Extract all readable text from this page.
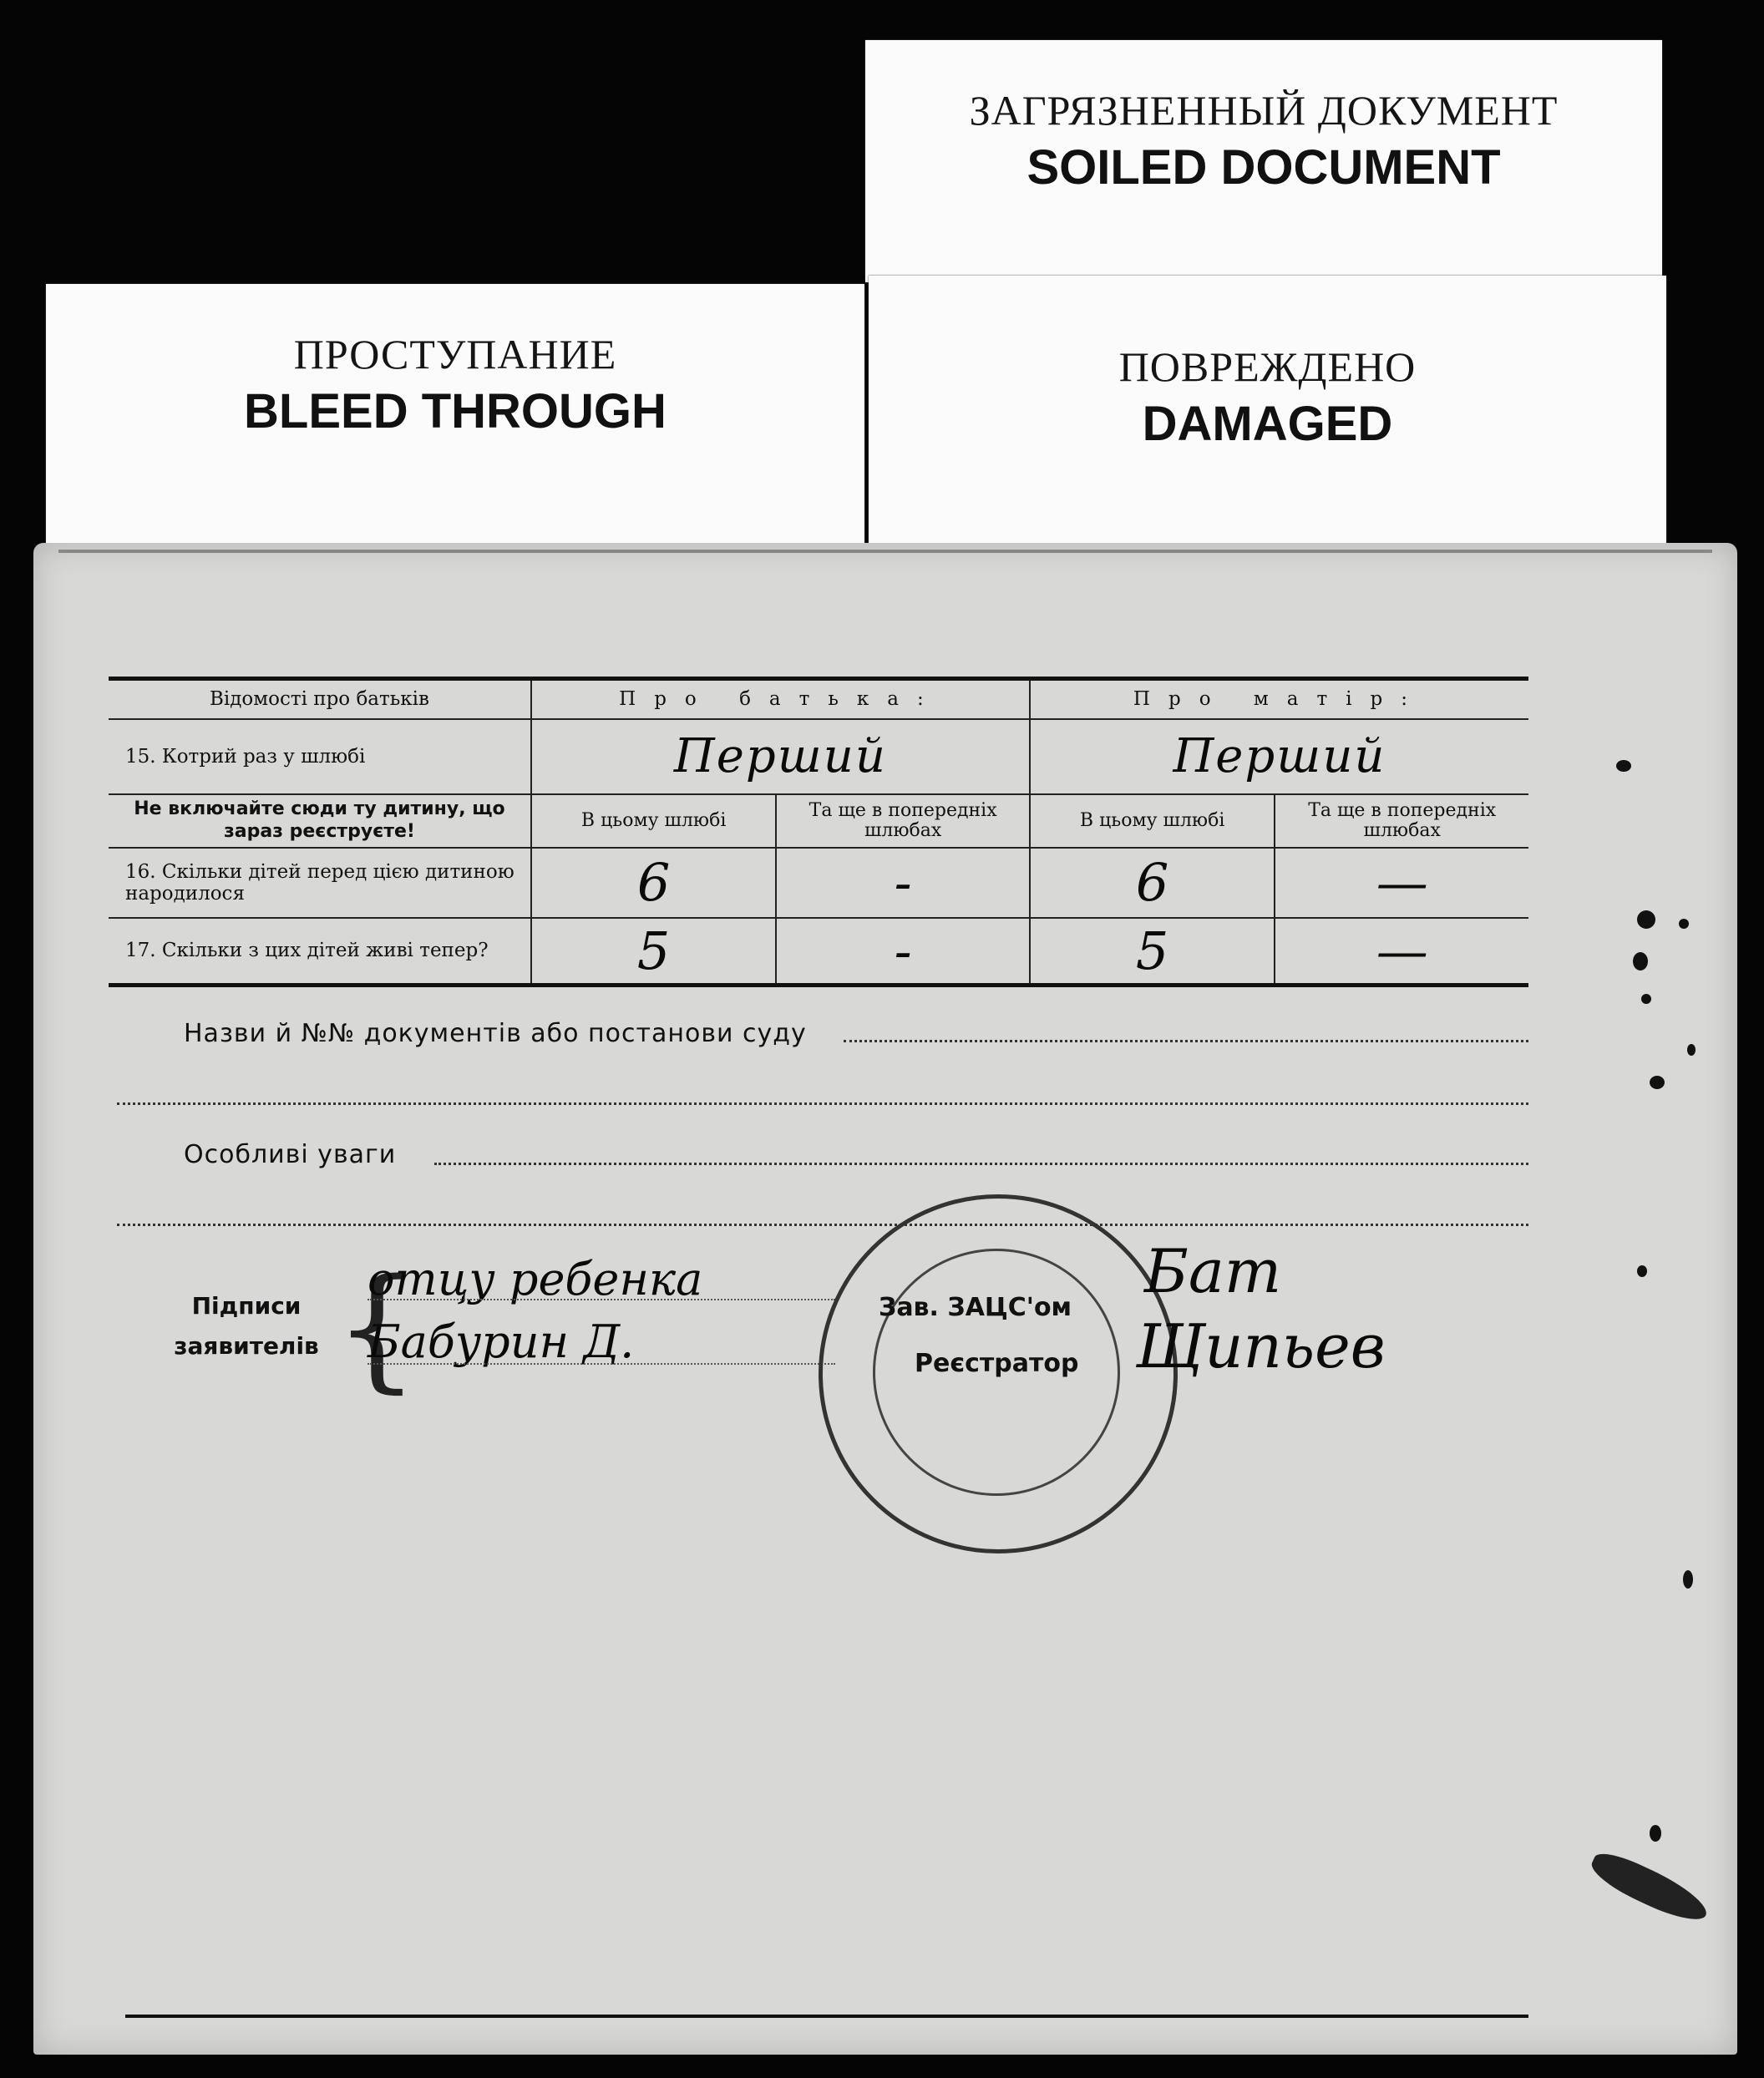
ЗАГРЯЗНЕННЫЙ ДОКУМЕНТ
SOILED DOCUMENT
ПОВРЕЖДЕНО
DAMAGED
ПРОСТУПАНИЕ
BLEED THROUGH
Відомості про батьків	Про батька:		Про матір:	
15. Котрий раз у шлюбі	Перший		Перший	
Не включайте сюди ту дитину, що зараз реєструєте!	В цьому шлюбі	Та ще в попередніх шлюбах	В цьому шлюбі	Та ще в попередніх шлюбах
16. Скільки дітей перед цією дитиною народилося	6	-	6	—
17. Скільки з цих дітей живі тепер?	5	-	5	—
Назви й №№ документів або постанови суду
Особливі уваги
Підписи заявителів {
отцу ребенка
Бабурин Д.
Зав. ЗАЦС'ом
Реєстратор
Бат
Щипьев
